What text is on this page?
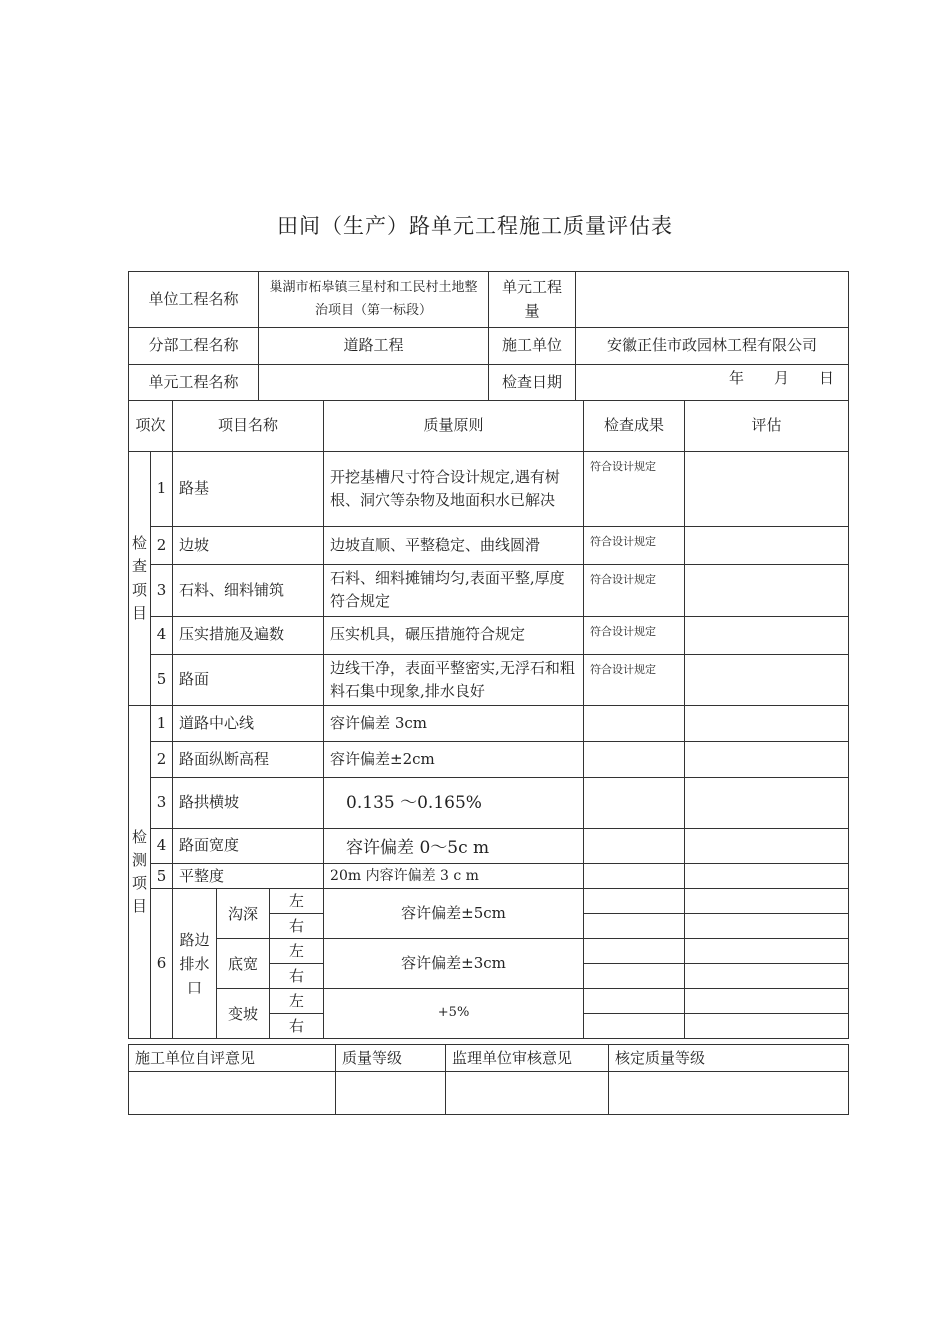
田间（生产）路单元工程施工质量评估表
单位工程名称	巢湖市柘皋镇三星村和工民村土地整治项目（第一标段）	单元工程量	
分部工程名称	道路工程	施工单位	安徽正佳市政园林工程有限公司
单元工程名称		检查日期	年　　月　　日
项次		项目名称			质量原则	检查成果	评估
检查项目	1	路基			开挖基槽尺寸符合设计规定,遇有树根、洞穴等杂物及地面积水已解决	符合设计规定	
	2	边坡			边坡直顺、平整稳定、曲线圆滑	符合设计规定	
	3	石料、细料铺筑			石料、细料摊铺均匀,表面平整,厚度符合规定	符合设计规定	
	4	压实措施及遍数			压实机具，碾压措施符合规定	符合设计规定	
	5	路面			边线干净，表面平整密实,无浮石和粗料石集中现象,排水良好	符合设计规定	
检测项目	1	道路中心线			容许偏差 3cm		
	2	路面纵断高程			容许偏差±2cm		
	3	路拱横坡			0.135 ～0.165%		
	4	路面宽度			容许偏差 0～5c m		
	5	平整度			20m 内容许偏差 3 c m		
	6	路边排水口	沟深	左	容许偏差±5cm		
				右			
			底宽	左	容许偏差±3cm		
				右			
			变坡	左	+5%		
				右			
施工单位自评意见	质量等级	监理单位审核意见	核定质量等级
